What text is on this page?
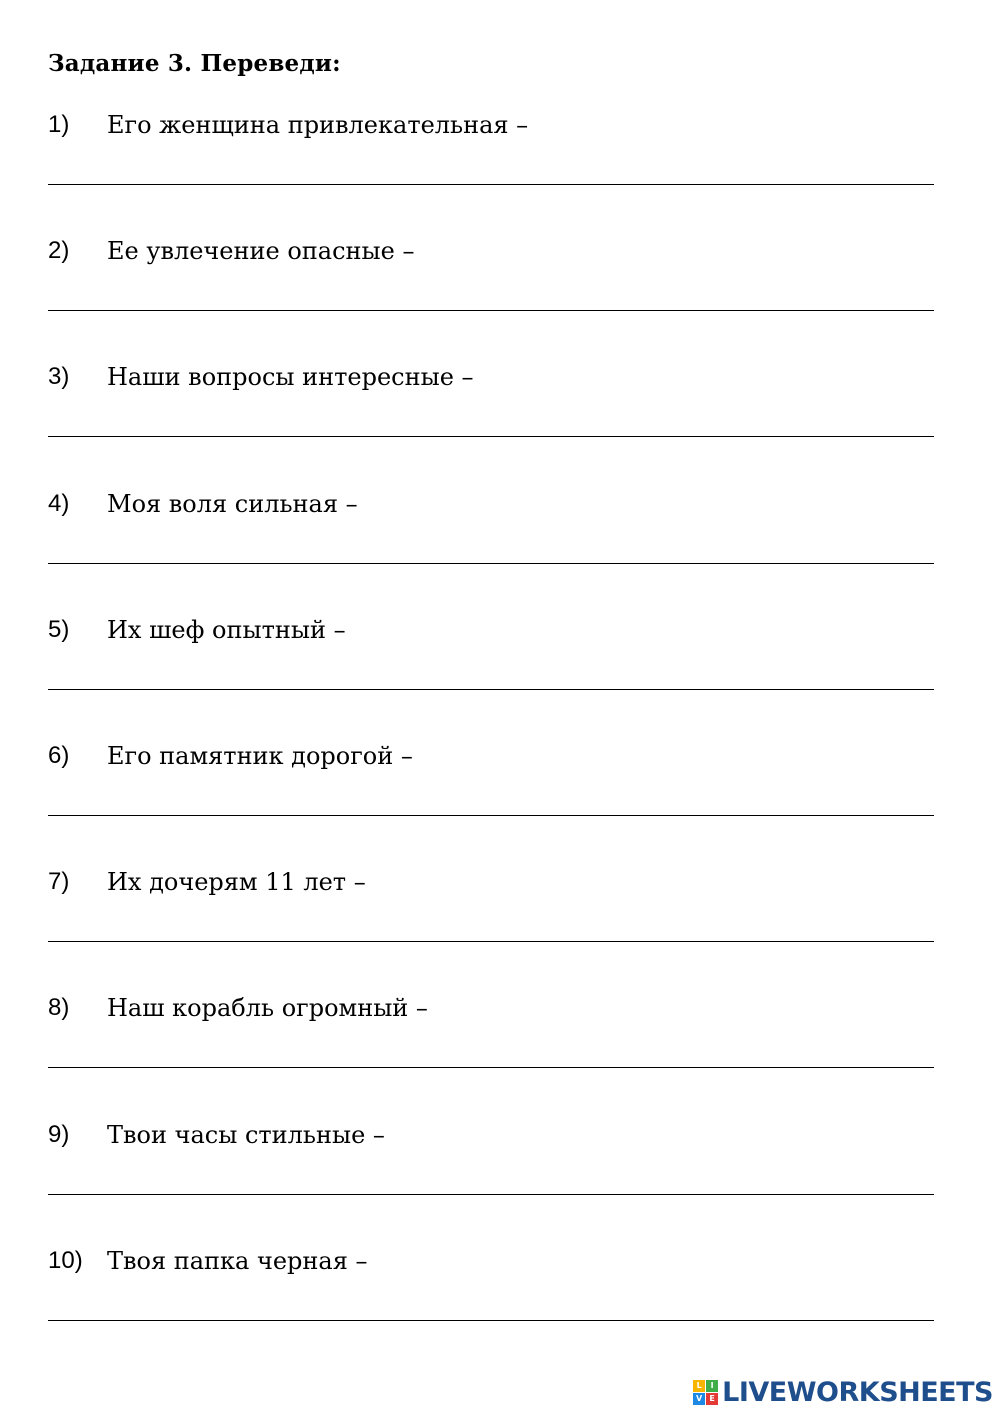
Задание 3. Переведи:
1) Его женщина привлекательная –
2) Ее увлечение опасные –
3) Наши вопросы интересные –
4) Моя воля сильная –
5) Их шеф опытный –
6) Его памятник дорогой –
7) Их дочерям 11 лет –
8) Наш корабль огромный –
9) Твои часы стильные –
10) Твоя папка черная –
L	I
V E LIVEWORKSHEETS
